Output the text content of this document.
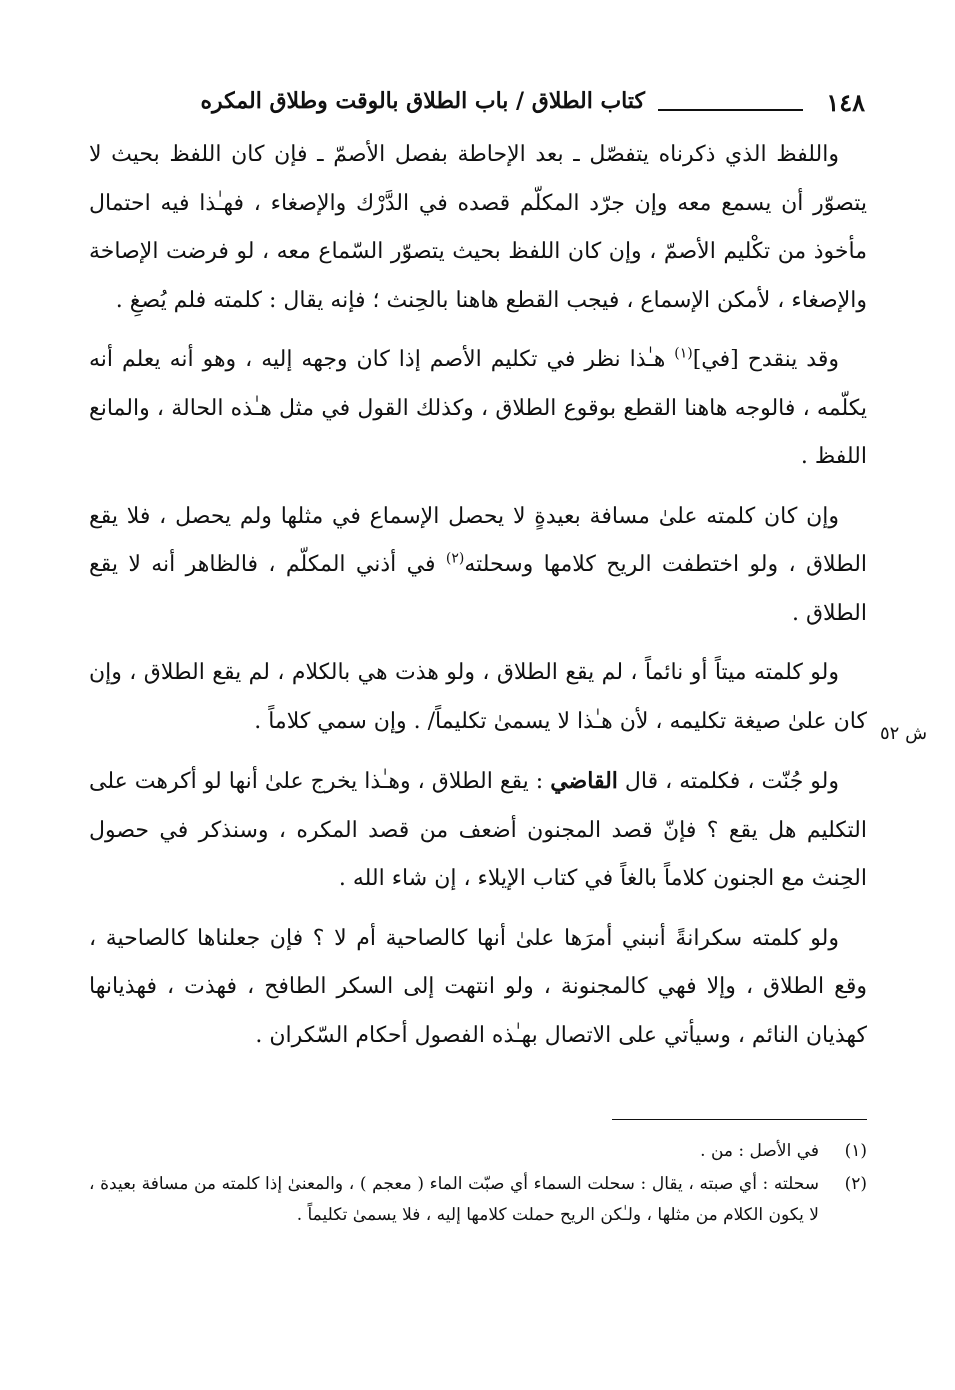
١٤٨
كتاب الطلاق / باب الطلاق بالوقت وطلاق المكره

واللفظ الذي ذكرناه يتفصّل ـ بعد الإحاطة بفصل الأصمّ ـ فإن كان اللفظ بحيث لا يتصوّر أن يسمع معه وإن جرّد المكلّم قصده في الدَّرْك والإصغاء ، فهـٰذا فيه احتمال مأخوذ من تكْليم الأصمّ ، وإن كان اللفظ بحيث يتصوّر السّماع معه ، لو فرضت الإصاخة والإصغاء ، لأمكن الإسماع ، فيجب القطع هاهنا بالحِنث ؛ فإنه يقال : كلمته فلم يُصغِ .

وقد ينقدح [في]$^{(١)}$ هـٰذا نظر في تكليم الأصم إذا كان وجهه إليه ، وهو أنه يعلم أنه يكلّمه ، فالوجه هاهنا القطع بوقوع الطلاق ، وكذلك القول في مثل هـٰذه الحالة ، والمانع اللفظ .

وإن كان كلمته علىٰ مسافة بعيدةٍ لا يحصل الإسماع في مثلها ولم يحصل ، فلا يقع الطلاق ، ولو اختطفت الريح كلامها وسحلته$^{(٢)}$ في أذني المكلّم ، فالظاهر أنه لا يقع الطلاق .

ولو كلمته ميتاً أو نائماً ، لم يقع الطلاق ، ولو هذت هي بالكلام ، لم يقع الطلاق ، وإن كان علىٰ صيغة تكليمه ، لأن هـٰذا لا يسمىٰ تكليماً/ . وإن سمي كلاماً .

ولو جُنّت ، فكلمته ، قال القاضي : يقع الطلاق ، وهـٰذا يخرج علىٰ أنها لو أكرهت على التكليم هل يقع ؟ فإنّ قصد المجنون أضعف من قصد المكره ، وسنذكر في حصول الحِنث مع الجنون كلاماً بالغاً في كتاب الإيلاء ، إن شاء الله .

ولو كلمته سكرانةً أنبني أمرَها علىٰ أنها كالصاحية أم لا ؟ فإن جعلناها كالصاحية ، وقع الطلاق ، وإلا فهي كالمجنونة ، ولو انتهت إلى السكر الطافح ، فهذت ، فهذيانها كهذيان النائم ، وسيأتي على الاتصال بهـٰذه الفصول أحكام السّكران .

ش ٥٢
(١)
في الأصل : من .
(٢)
سحلته : أي صبته ، يقال : سحلت السماء أي صبّت الماء ( معجم ) ، والمعنىٰ إذا كلمته من مسافة بعيدة ، لا يكون الكلام من مثلها ، ولـٰكن الريح حملت كلامها إليه ، فلا يسمىٰ تكليماً .
